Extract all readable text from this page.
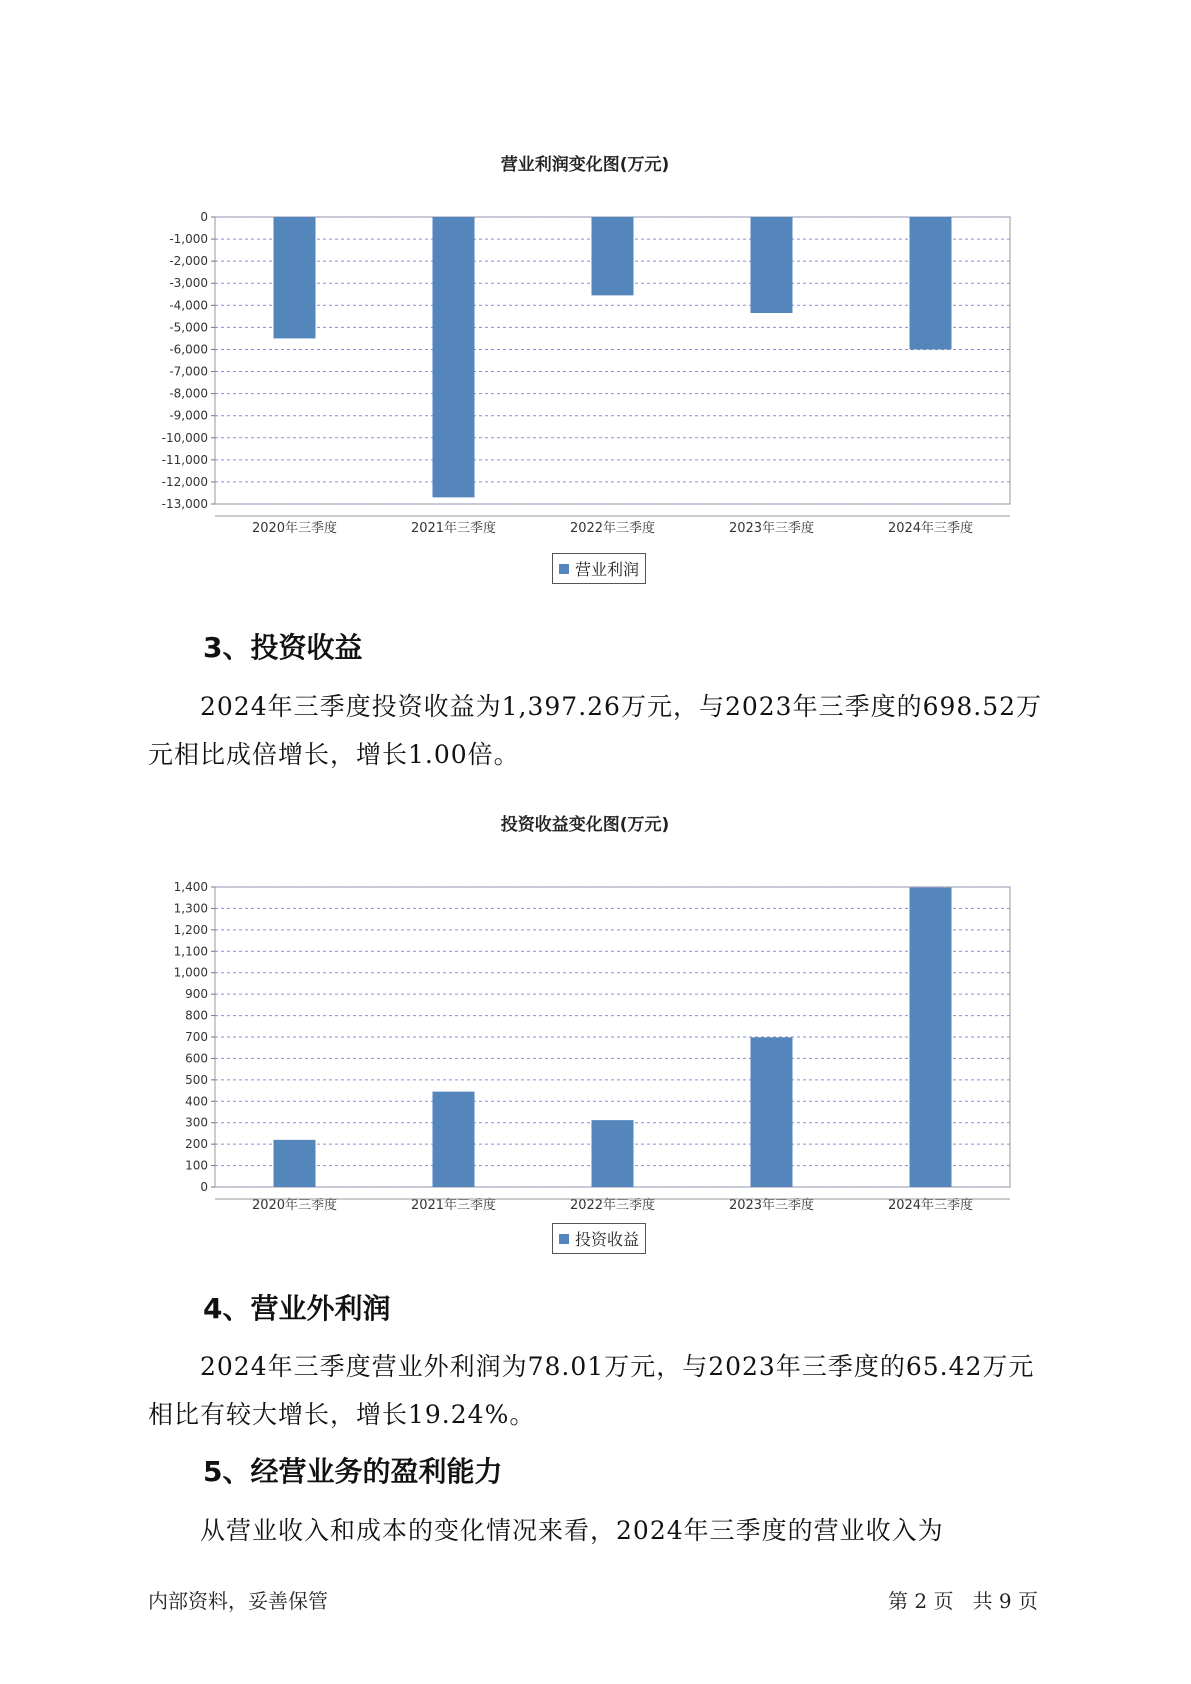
营业利润变化图(万元)
0
-1,000
-2,000
-3,000
-4,000
-5,000
-6,000
-7,000
-8,000
-9,000
-10,000
-11,000
-12,000
-13,000
2020年三季度	2021年三季度	2022年三季度	2023年三季度	2024年三季度
营业利润
3、投资收益
2024年三季度投资收益为1,397.26万元，与2023年三季度的698.52万
元相比成倍增长，增长1.00倍。
投资收益变化图(万元)
1,400
1,300
1,200
1,100
1,000
900
800
700
600
500
400
300
200
100
0
2020年三季度	2021年三季度	2022年三季度	2023年三季度	2024年三季度
投资收益
4、营业外利润
2024年三季度营业外利润为78.01万元，与2023年三季度的65.42万元
相比有较大增长，增长19.24%。
5、经营业务的盈利能力
从营业收入和成本的变化情况来看，2024年三季度的营业收入为
内部资料，妥善保管	第 2 页   共 9 页
